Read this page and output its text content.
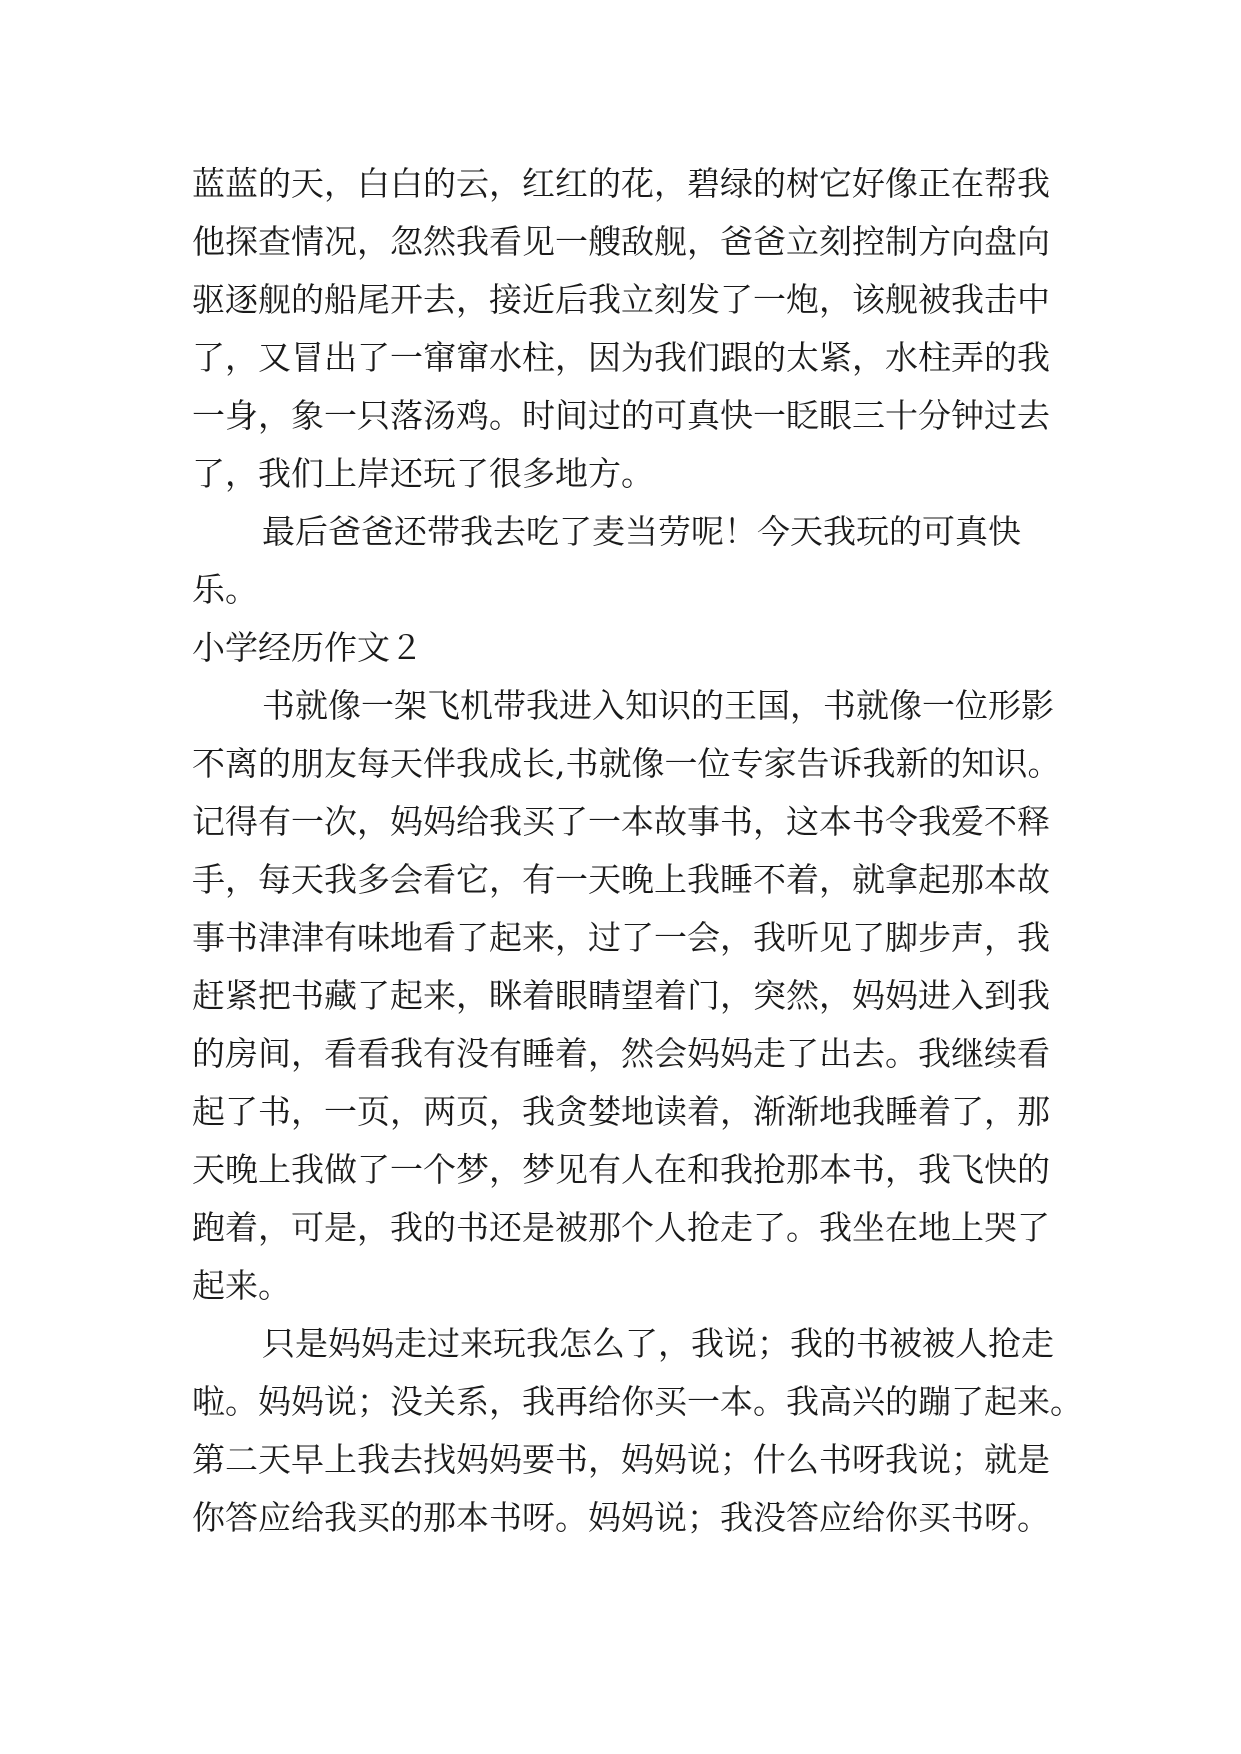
蓝蓝的天，白白的云，红红的花，碧绿的树它好像正在帮我
他探查情况，忽然我看见一艘敌舰，爸爸立刻控制方向盘向
驱逐舰的船尾开去，接近后我立刻发了一炮，该舰被我击中
了，又冒出了一窜窜水柱，因为我们跟的太紧，水柱弄的我
一身，象一只落汤鸡。时间过的可真快一眨眼三十分钟过去
了，我们上岸还玩了很多地方。
最后爸爸还带我去吃了麦当劳呢！今天我玩的可真快
乐。
小学经历作文２
书就像一架飞机带我进入知识的王国，书就像一位形影
不离的朋友每天伴我成长,书就像一位专家告诉我新的知识。
记得有一次，妈妈给我买了一本故事书，这本书令我爱不释
手，每天我多会看它，有一天晚上我睡不着，就拿起那本故
事书津津有味地看了起来，过了一会，我听见了脚步声，我
赶紧把书藏了起来，眯着眼睛望着门，突然，妈妈进入到我
的房间，看看我有没有睡着，然会妈妈走了出去。我继续看
起了书，一页，两页，我贪婪地读着，渐渐地我睡着了，那
天晚上我做了一个梦，梦见有人在和我抢那本书，我飞快的
跑着，可是，我的书还是被那个人抢走了。我坐在地上哭了
起来。
只是妈妈走过来玩我怎么了，我说；我的书被被人抢走
啦。妈妈说；没关系，我再给你买一本。我高兴的蹦了起来。
第二天早上我去找妈妈要书，妈妈说；什么书呀我说；就是
你答应给我买的那本书呀。妈妈说；我没答应给你买书呀。
